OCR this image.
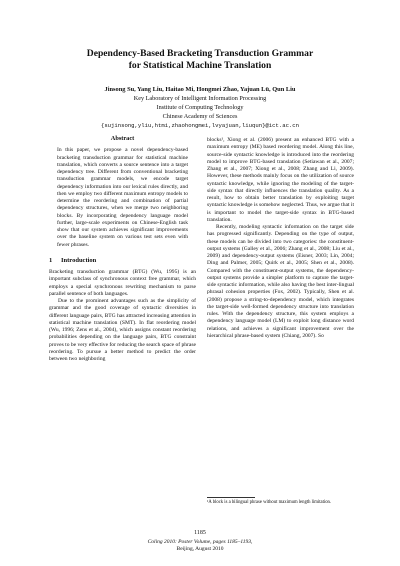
Dependency-Based Bracketing Transduction Grammar
for Statistical Machine Translation
Jinsong Su, Yang Liu, Haitao Mi, Hongmei Zhao, Yajuan Lü, Qun Liu
Key Laboratory of Intelligent Information Processing
Institute of Computing Technology
Chinese Academy of Sciences
{sujinsong,yliu,htmi,zhaohongmei,lvyajuan,liuqun}@ict.ac.cn
Abstract

In this paper, we propose a novel dependency-based bracketing transduction grammar for statistical machine translation, which converts a source sentence into a target dependency tree. Different from conventional bracketing transduction grammar models, we encode target dependency information into our lexical rules directly, and then we employ two different maximum entropy models to determine the reordering and combination of partial dependency structures, when we merge two neighboring blocks. By incorporating dependency language model further, large-scale experiments on Chinese-English task show that our system achieves significant improvements over the baseline system on various test sets even with fewer phrases.

1 Introduction

Bracketing transduction grammar (BTG) (Wu, 1995) is an important subclass of synchronous context free grammar, which employs a special synchronous rewriting mechanism to parse parallel sentence of both languages.

Due to the prominent advantages such as the simplicity of grammar and the good coverage of syntactic diversities in different language pairs, BTG has attracted increasing attention in statistical machine translation (SMT). In flat reordering model (Wu, 1996; Zens et al., 2004), which assigns constant reordering probabilities depending on the language pairs, BTG constraint proves to be very effective for reducing the search space of phrase reordering. To pursue a better method to predict the order between two neighboring

blocks¹, Xiong et al. (2006) present an enhanced BTG with a maximum entropy (ME) based reordering model. Along this line, source-side syntactic knowledge is introduced into the reordering model to improve BTG-based translation (Setiawan et al., 2007; Zhang et al., 2007; Xiong et al., 2008; Zhang and Li, 2009). However, these methods mainly focus on the utilization of source syntactic knowledge, while ignoring the modeling of the target-side syntax that directly influences the translation quality. As a result, how to obtain better translation by exploiting target syntactic knowledge is somehow neglected. Thus, we argue that it is important to model the target-side syntax in BTG-based translation.

Recently, modeling syntactic information on the target side has progressed significantly. Depending on the type of output, these models can be divided into two categories: the constituent-output systems (Galley et al., 2006; Zhang et al., 2008; Liu et al., 2009) and dependency-output systems (Eisner, 2003; Lin, 2004; Ding and Palmer, 2005; Quirk et al., 2005; Shen et al., 2008). Compared with the constituent-output systems, the dependency-output systems provide a simpler platform to capture the target-side syntactic information, while also having the best inter-lingual phrasal cohesion properties (Fox, 2002). Typically, Shen et al. (2008) propose a string-to-dependency model, which integrates the target-side well-formed dependency structure into translation rules. With the dependency structure, this system employs a dependency language model (LM) to exploit long distance word relations, and achieves a significant improvement over the hierarchical phrase-based system (Chiang, 2007). So

¹A block is a bilingual phrase without maximum length limitation.
1185
Coling 2010: Poster Volume, pages 1185–1193,
Beijing, August 2010
